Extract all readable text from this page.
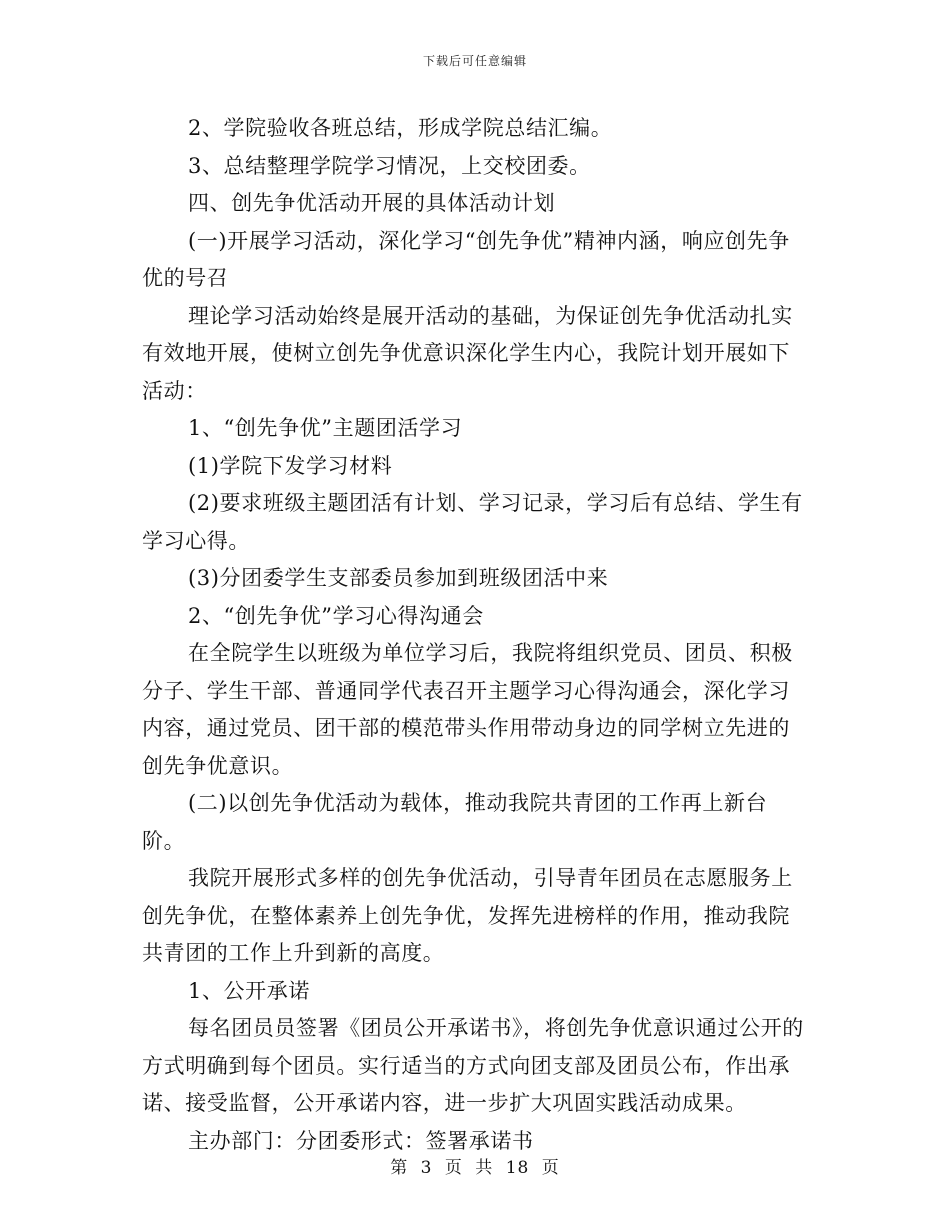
下载后可任意编辑

2、学院验收各班总结，形成学院总结汇编。

3、总结整理学院学习情况，上交校团委。

四、创先争优活动开展的具体活动计划

(一)开展学习活动，深化学习“创先争优”精神内涵，响应创先争优的号召

理论学习活动始终是展开活动的基础，为保证创先争优活动扎实有效地开展，使树立创先争优意识深化学生内心，我院计划开展如下活动：

1、“创先争优”主题团活学习

(1)学院下发学习材料

(2)要求班级主题团活有计划、学习记录，学习后有总结、学生有学习心得。

(3)分团委学生支部委员参加到班级团活中来

2、“创先争优”学习心得沟通会

在全院学生以班级为单位学习后，我院将组织党员、团员、积极分子、学生干部、普通同学代表召开主题学习心得沟通会，深化学习内容，通过党员、团干部的模范带头作用带动身边的同学树立先进的创先争优意识。

(二)以创先争优活动为载体，推动我院共青团的工作再上新台阶。

我院开展形式多样的创先争优活动，引导青年团员在志愿服务上创先争优，在整体素养上创先争优，发挥先进榜样的作用，推动我院共青团的工作上升到新的高度。

1、公开承诺

每名团员员签署《团员公开承诺书》，将创先争优意识通过公开的方式明确到每个团员。实行适当的方式向团支部及团员公布，作出承诺、接受监督，公开承诺内容，进一步扩大巩固实践活动成果。

主办部门：分团委形式：签署承诺书

第 3 页 共 18 页
